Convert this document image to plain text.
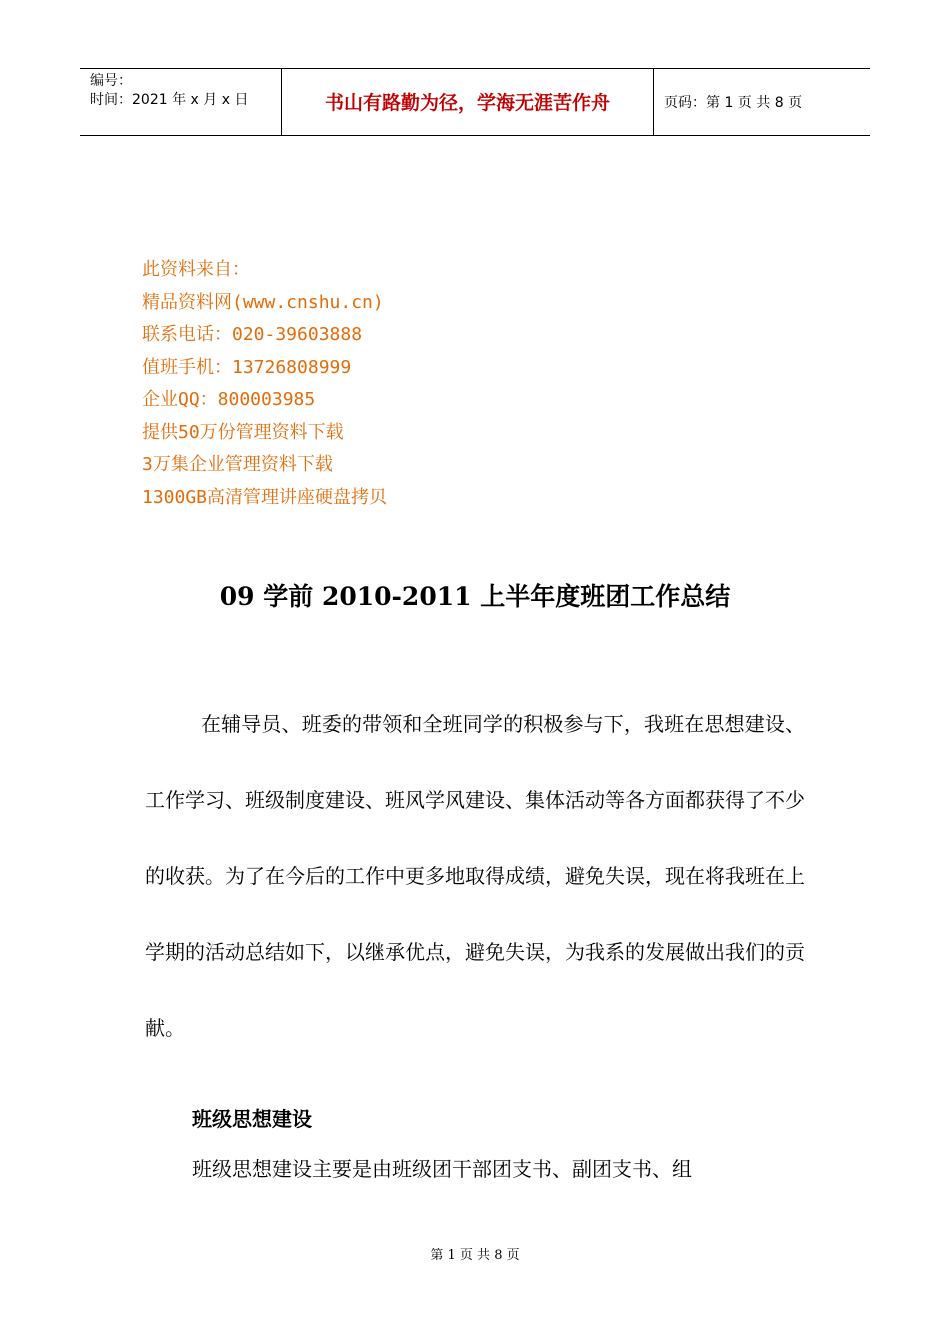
编号：
时间：2021 年 x 月 x 日	书山有路勤为径，学海无涯苦作舟	页码：第 1 页 共 8 页
此资料来自：
精品资料网(www.cnshu.cn)
联系电话：020-39603888
值班手机：13726808999
企业QQ：800003985
提供50万份管理资料下载
3万集企业管理资料下载
1300GB高清管理讲座硬盘拷贝
09 学前 2010-2011 上半年度班团工作总结

在辅导员、班委的带领和全班同学的积极参与下，我班在思想建设、工作学习、班级制度建设、班风学风建设、集体活动等各方面都获得了不少的收获。为了在今后的工作中更多地取得成绩，避免失误，现在将我班在上学期的活动总结如下，以继承优点，避免失误，为我系的发展做出我们的贡献。

班级思想建设

班级思想建设主要是由班级团干部团支书、副团支书、组

第 1 页 共 8 页
